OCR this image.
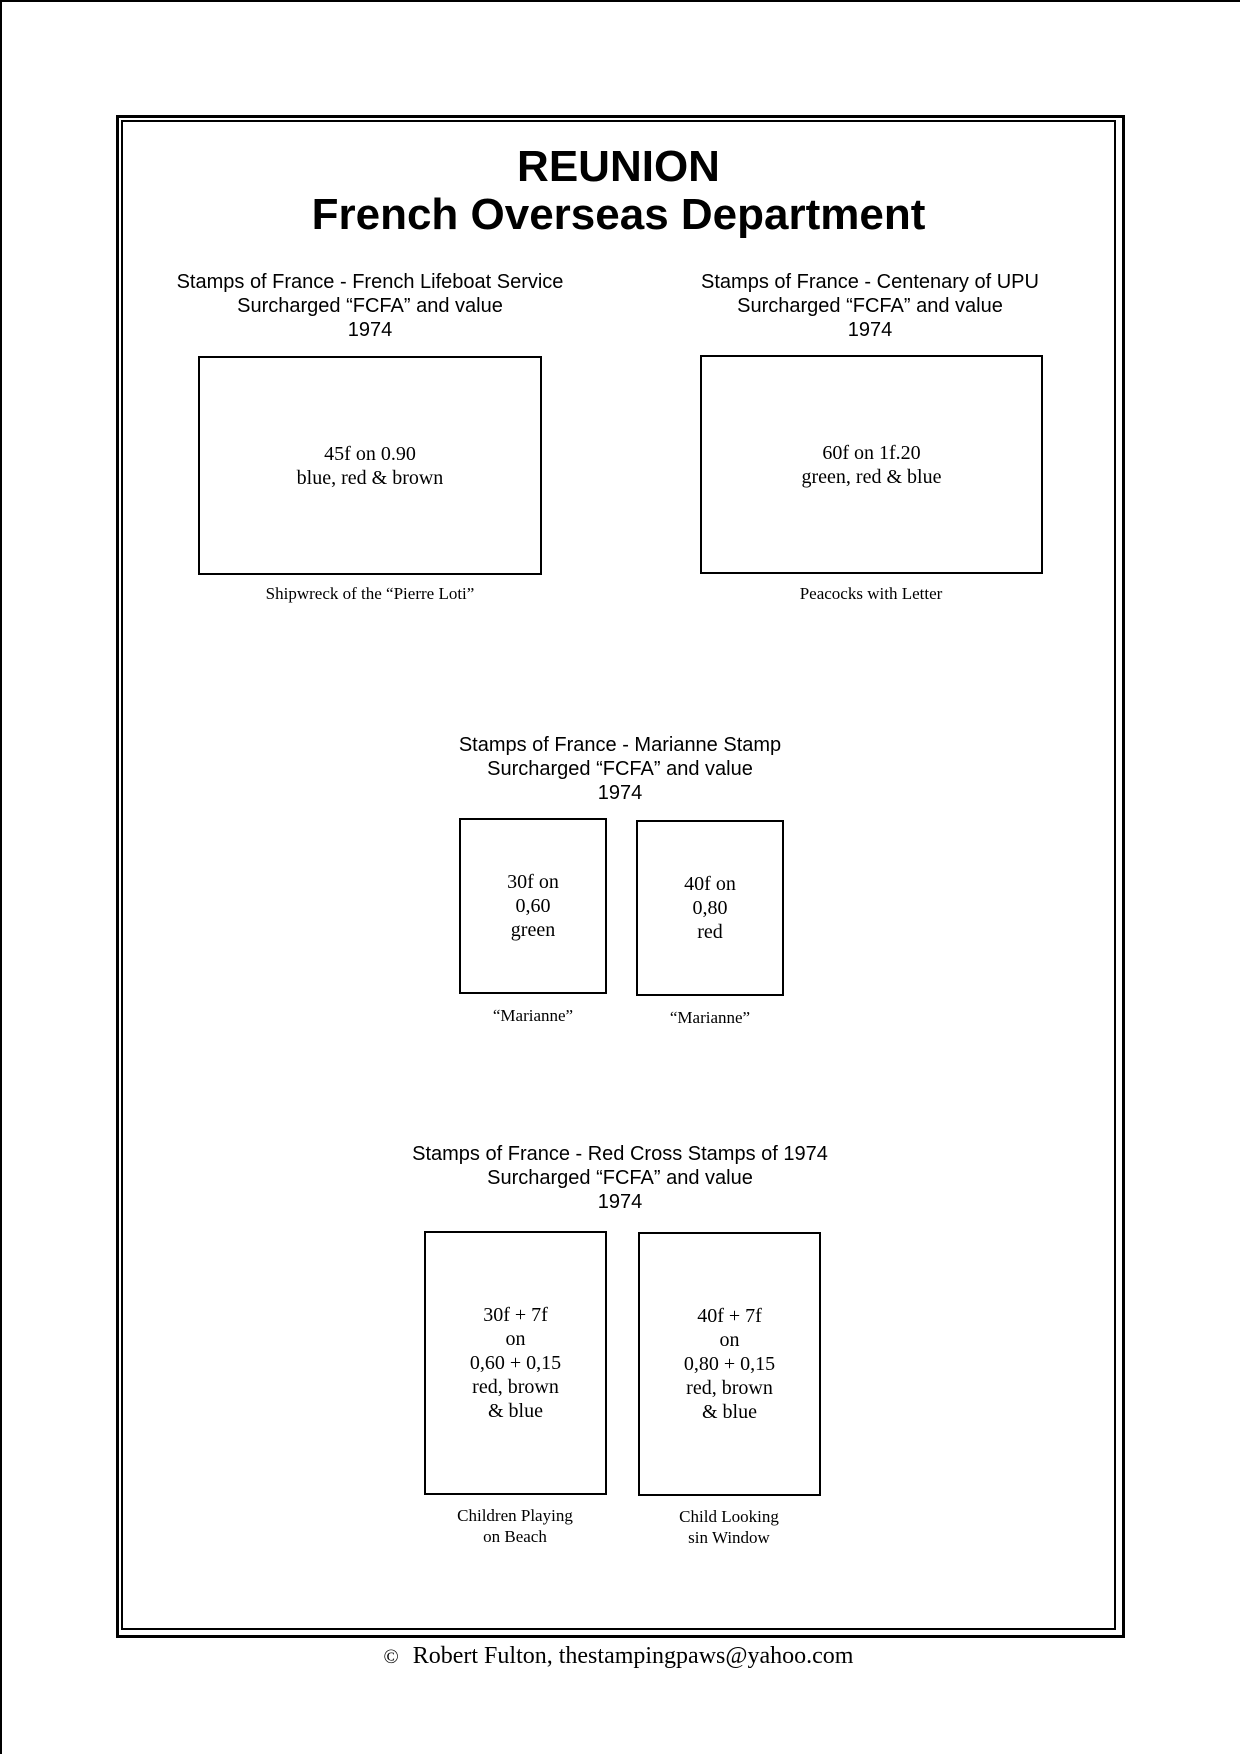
REUNION
French Overseas Department
Stamps of France - French Lifeboat Service
Surcharged “FCFA” and value
1974
45f on 0.90
blue, red & brown
Shipwreck of the “Pierre Loti”
Stamps of France - Centenary of UPU
Surcharged “FCFA” and value
1974
60f on 1f.20
green, red & blue
Peacocks with Letter
Stamps of France - Marianne Stamp
Surcharged “FCFA” and value
1974
30f on
0,60
green
“Marianne”
40f on
0,80
red
“Marianne”
Stamps of France - Red Cross Stamps of 1974
Surcharged “FCFA” and value
1974
30f + 7f
on
0,60 + 0,15
red, brown
& blue
Children Playing
on Beach
40f + 7f
on
0,80 + 0,15
red, brown
& blue
Child Looking
sin Window
© Robert Fulton, thestampingpaws@yahoo.com
